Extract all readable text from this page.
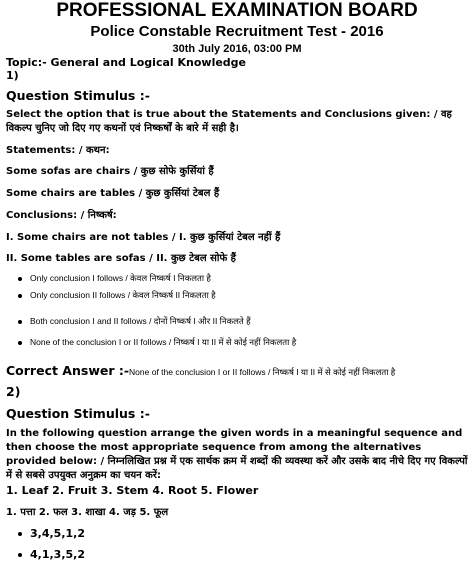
PROFESSIONAL EXAMINATION BOARD
Police Constable Recruitment Test - 2016
30th July 2016, 03:00 PM
Topic:- General and Logical Knowledge
1)
Question Stimulus :-
Select the option that is true about the Statements and Conclusions given: / वह विकल्प चुनिए जो दिए गए कथनों एवं निष्कर्षों के बारे में सही है।
Statements: / कथन:
Some sofas are chairs / कुछ सोफे कुर्सियां हैं
Some chairs are tables / कुछ कुर्सियां टेबल हैं
Conclusions: / निष्कर्ष:
I. Some chairs are not tables / I. कुछ कुर्सियां टेबल नहीं हैं
II. Some tables are sofas / II. कुछ टेबल सोफे हैं
Only conclusion I follows / केवल निष्कर्ष I निकलता है
Only conclusion II follows / केवल निष्कर्ष II निकलता है
Both conclusion I and II follows / दोनों निष्कर्ष I और II निकलते हैं
None of the conclusion I or II follows / निष्कर्ष I या II में से कोई नहीं निकलता है
Correct Answer :-None of the conclusion I or II follows / निष्कर्ष I या II में से कोई नहीं निकलता है
2)
Question Stimulus :-
In the following question arrange the given words in a meaningful sequence and then choose the most appropriate sequence from among the alternatives provided below: / निम्नलिखित प्रश्न में एक सार्थक क्रम में शब्दों की व्यवस्था करें और उसके बाद नीचे दिए गए विकल्पों में से सबसे उपयुक्त अनुक्रम का चयन करें:
1. Leaf 2. Fruit 3. Stem 4. Root 5. Flower
1. पत्ता 2. फल 3. शाखा 4. जड़ 5. फूल
3,4,5,1,2
4,1,3,5,2
